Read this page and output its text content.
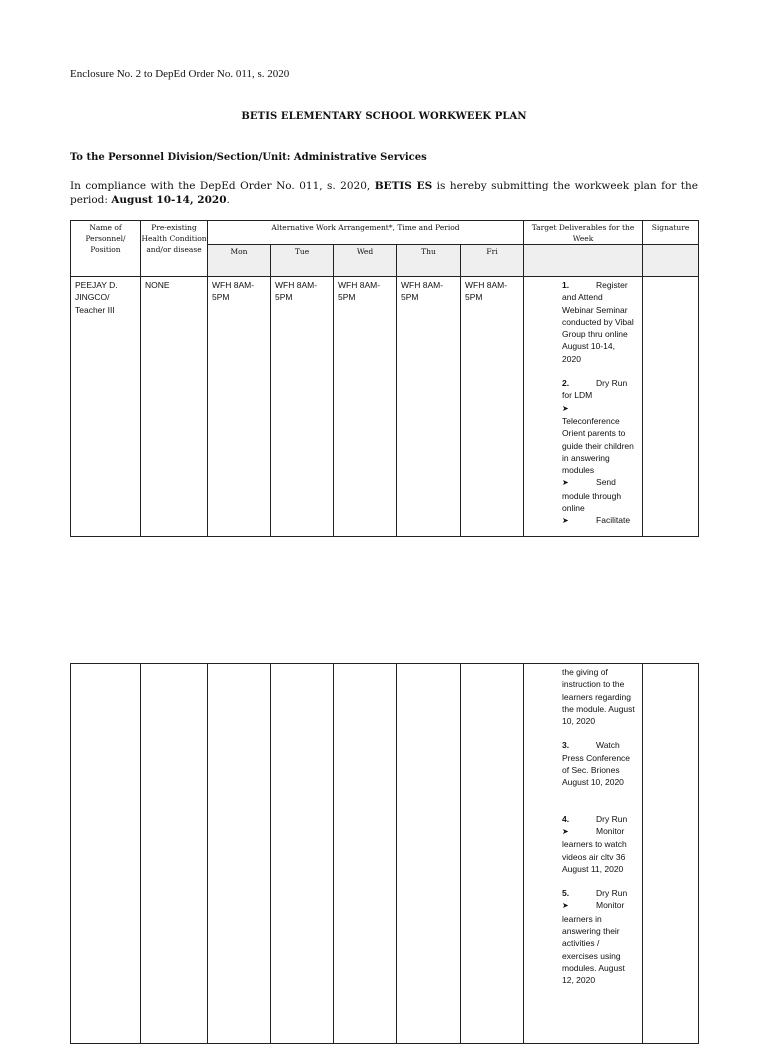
Enclosure No. 2 to DepEd Order No. 011, s. 2020
BETIS ELEMENTARY SCHOOL WORKWEEK PLAN
To the Personnel Division/Section/Unit: Administrative Services
In compliance with the DepEd Order No. 011, s. 2020, BETIS ES is hereby submitting the workweek plan for the period: August 10-14, 2020.
Name of Personnel/ Position	Pre-existing Health Condition and/or disease	Alternative Work Arrangement*, Time and Period					Target Deliverables for the Week	Signature
		Mon	Tue	Wed	Thu	Fri		
PEEJAY D. JINGCO/ Teacher III	NONE	WFH 8AM-5PM	WFH 8AM-5PM	WFH 8AM-5PM	WFH 8AM-5PM	WFH 8AM-5PM	1. Register and Attend Webinar Seminar conducted by Vibal Group thru online August 10-14, 2020
2. Dry Run for LDM
➤Teleconference Orient parents to guide their children in answering modules
➤ Send module through online
➤ Facilitate	

the giving of instruction to the learners regarding the module. August 10, 2020
3.	Watch Press Conference of Sec. Briones August 10, 2020
4.	Dry Run
➤	Monitor learners to watch videos air cltv 36 August 11, 2020
5.	Dry Run
➤	Monitor learners in answering their activities / exercises using modules. August 12, 2020
